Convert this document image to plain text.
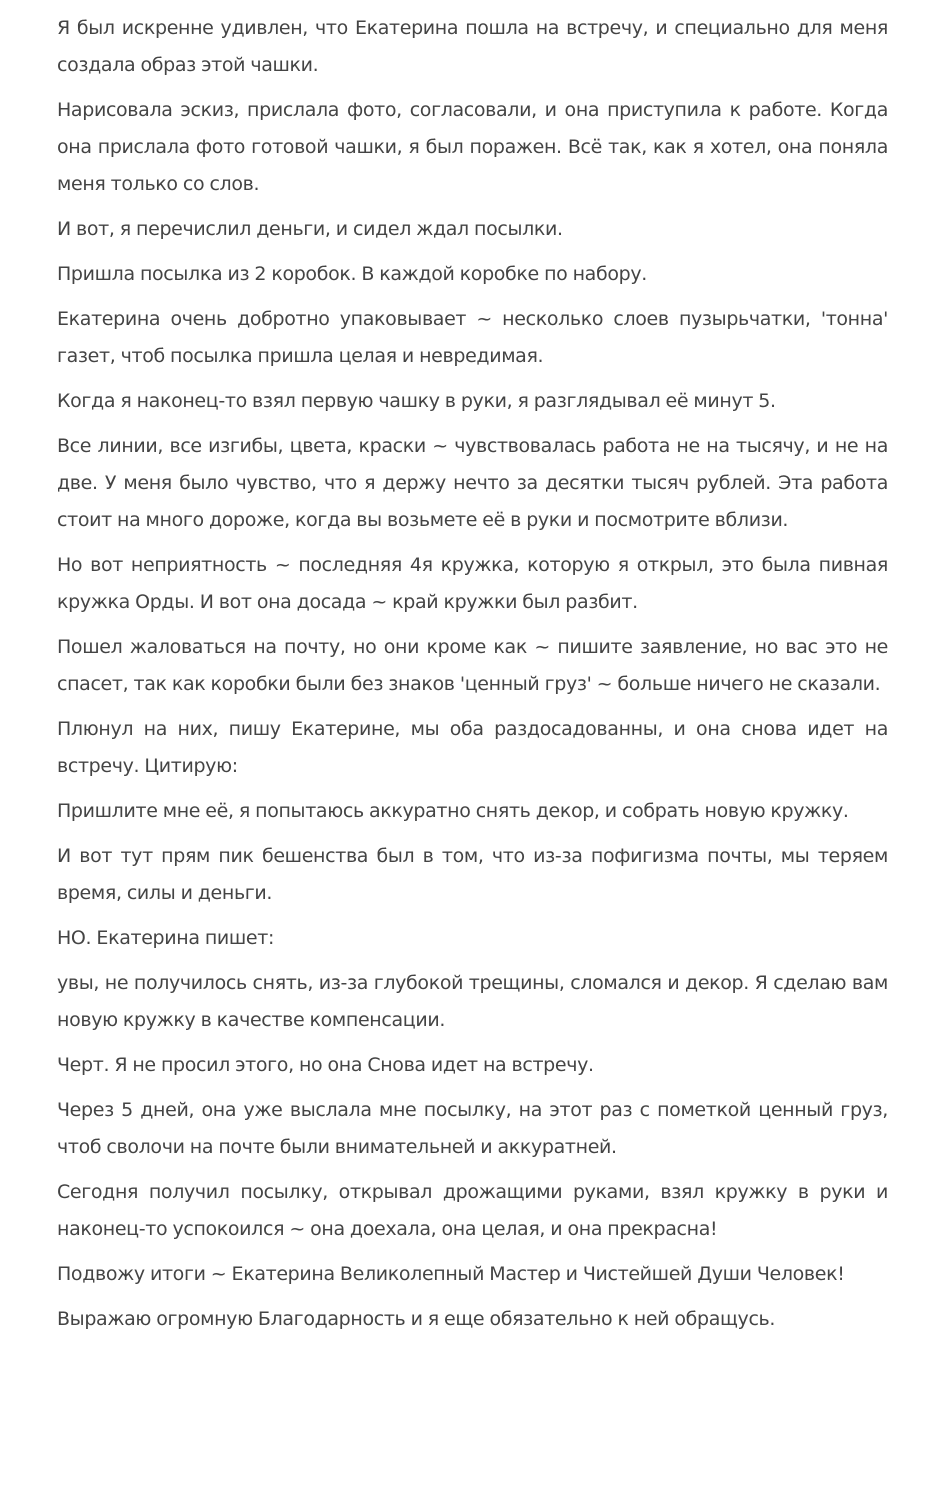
Я был искренне удивлен, что Екатерина пошла на встречу, и специально для меня создала образ этой чашки.

Нарисовала эскиз, прислала фото, согласовали, и она приступила к работе. Когда она прислала фото готовой чашки, я был поражен. Всё так, как я хотел, она поняла меня только со слов.

И вот, я перечислил деньги, и сидел ждал посылки.

Пришла посылка из 2 коробок. В каждой коробке по набору.

Екатерина очень добротно упаковывает ~ несколько слоев пузырьчатки, 'тонна' газет, чтоб посылка пришла целая и невредимая.

Когда я наконец-то взял первую чашку в руки, я разглядывал её минут 5.

Все линии, все изгибы, цвета, краски ~ чувствовалась работа не на тысячу, и не на две. У меня было чувство, что я держу нечто за десятки тысяч рублей. Эта работа стоит на много дороже, когда вы возьмете её в руки и посмотрите вблизи.

Но вот неприятность ~ последняя 4я кружка, которую я открыл, это была пивная кружка Орды. И вот она досада ~ край кружки был разбит.

Пошел жаловаться на почту, но они кроме как ~ пишите заявление, но вас это не спасет, так как коробки были без знаков 'ценный груз' ~ больше ничего не сказали.

Плюнул на них, пишу Екатерине, мы оба раздосадованны, и она снова идет на встречу. Цитирую:

Пришлите мне её, я попытаюсь аккуратно снять декор, и собрать новую кружку.

И вот тут прям пик бешенства был в том, что из-за пофигизма почты, мы теряем время, силы и деньги.

НО. Екатерина пишет:

увы, не получилось снять, из-за глубокой трещины, сломался и декор. Я сделаю вам новую кружку в качестве компенсации.

Черт. Я не просил этого, но она Снова идет на встречу.

Через 5 дней, она уже выслала мне посылку, на этот раз с пометкой ценный груз, чтоб сволочи на почте были внимательней и аккуратней.

Сегодня получил посылку, открывал дрожащими руками, взял кружку в руки и наконец-то успокоился ~ она доехала, она целая, и она прекрасна!

Подвожу итоги ~ Екатерина Великолепный Мастер и Чистейшей Души Человек!

Выражаю огромную Благодарность и я еще обязательно к ней обращусь.
